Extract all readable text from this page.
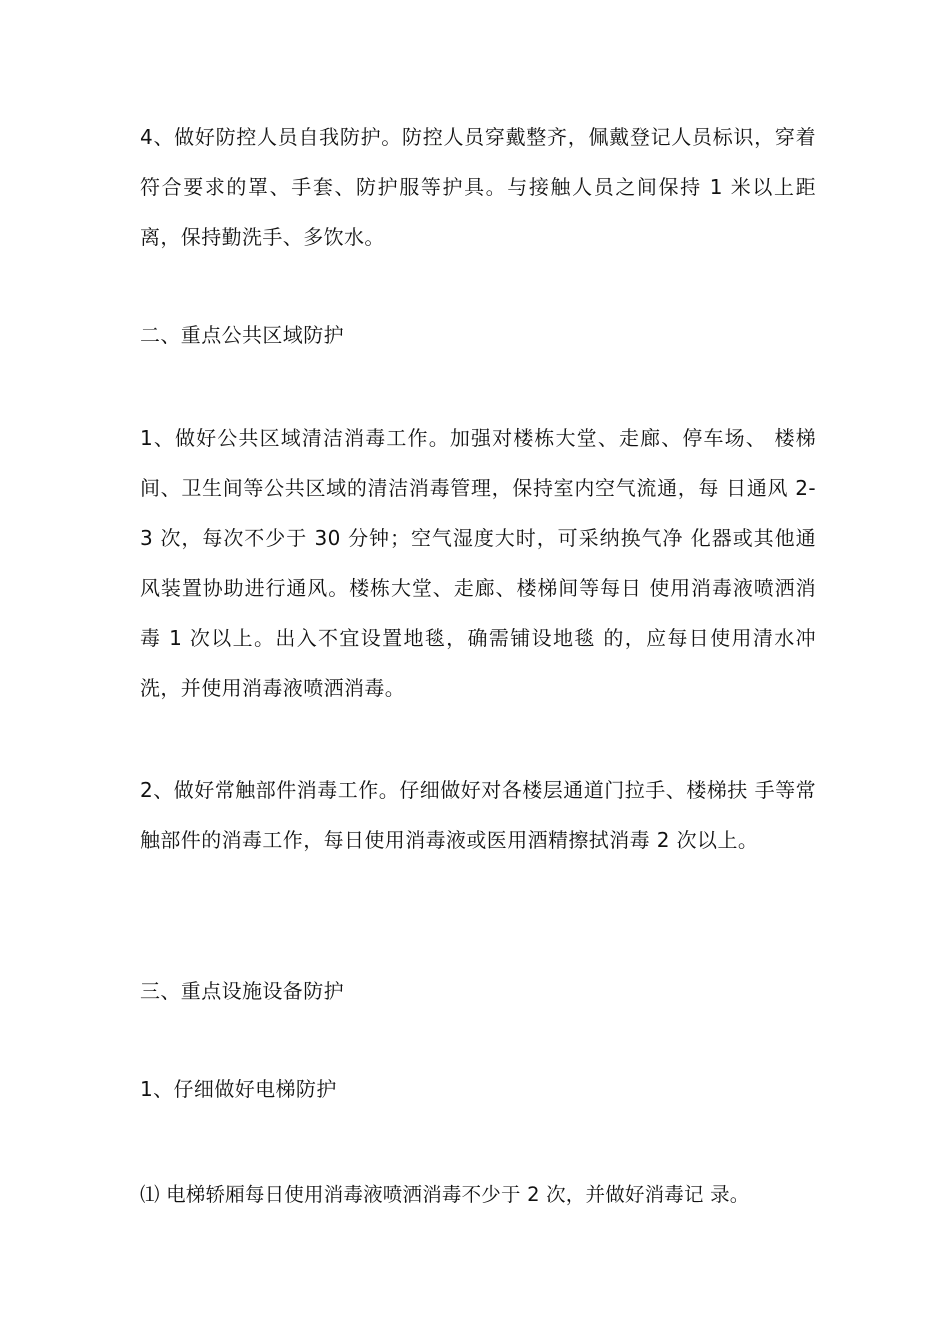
4、做好防控人员自我防护。防控人员穿戴整齐，佩戴登记人员标识，穿着符合要求的罩、手套、防护服等护具。与接触人员之间保持 1 米以上距离，保持勤洗手、多饮水。

二、重点公共区域防护

1、做好公共区域清洁消毒工作。加强对楼栋大堂、走廊、停车场、 楼梯间、卫生间等公共区域的清洁消毒管理，保持室内空气流通，每 日通风 2-3 次，每次不少于 30 分钟；空气湿度大时，可采纳换气净 化器或其他通风装置协助进行通风。楼栋大堂、走廊、楼梯间等每日 使用消毒液喷洒消毒 1 次以上。出入不宜设置地毯，确需铺设地毯 的，应每日使用清水冲洗，并使用消毒液喷洒消毒。

2、做好常触部件消毒工作。仔细做好对各楼层通道门拉手、楼梯扶 手等常触部件的消毒工作，每日使用消毒液或医用酒精擦拭消毒 2 次以上。

三、重点设施设备防护

1、仔细做好电梯防护

⑴ 电梯轿厢每日使用消毒液喷洒消毒不少于 2 次，并做好消毒记 录。
